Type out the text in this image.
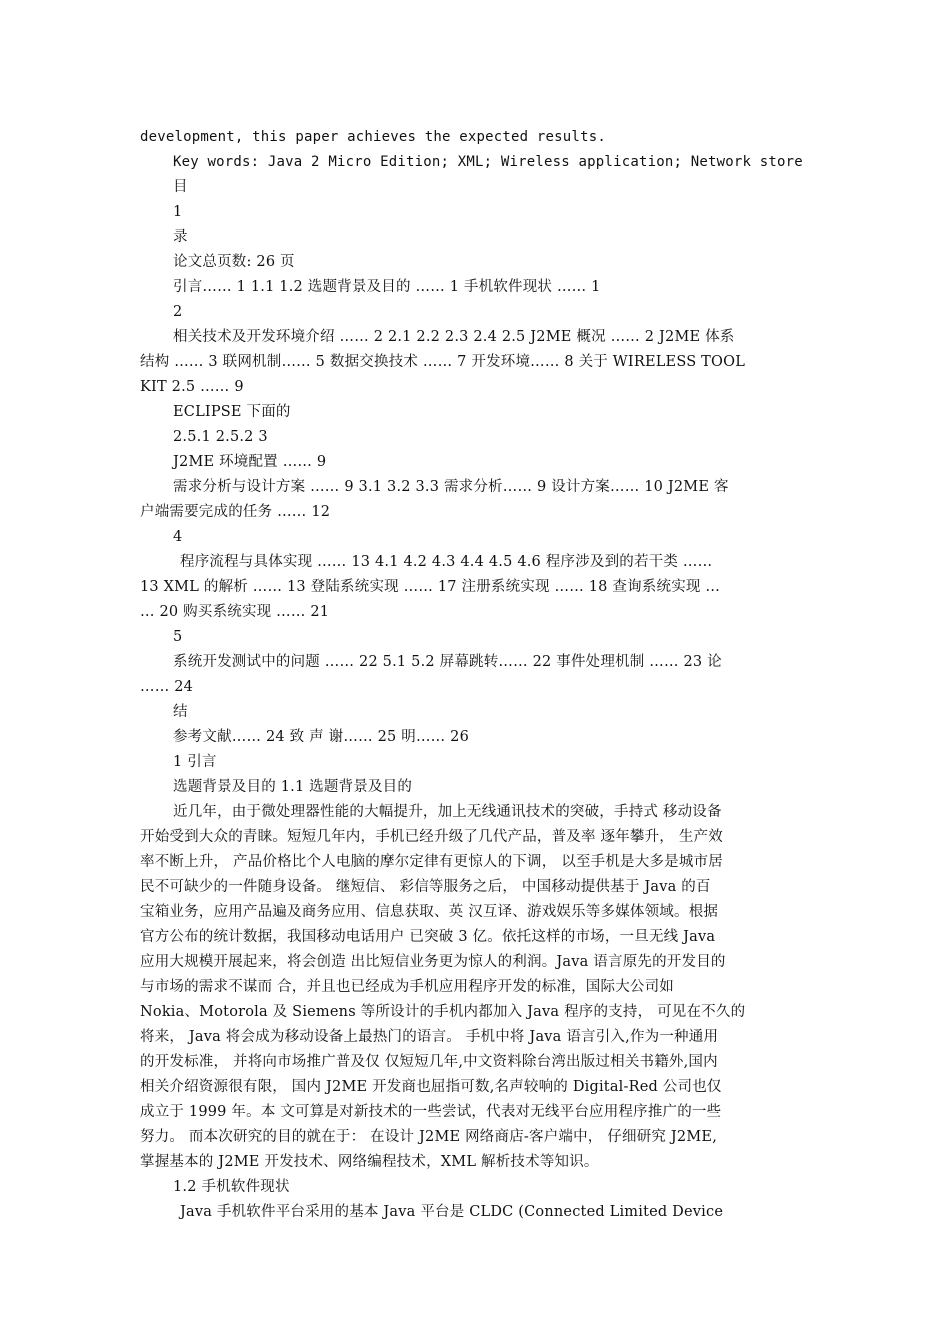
development, this paper achieves the expected results.
Key words: Java 2 Micro Edition; XML; Wireless application; Network store
目
1
录
论文总页数: 26 页
引言…… 1 1.1 1.2 选题背景及目的 …… 1 手机软件现状 …… 1
2
相关技术及开发环境介绍 …… 2 2.1 2.2 2.3 2.4 2.5 J2ME 概况 …… 2 J2ME 体系
结构 …… 3 联网机制…… 5 数据交换技术 …… 7 开发环境…… 8 关于 WIRELESS TOOL
KIT 2.5 …… 9
ECLIPSE 下面的
2.5.1 2.5.2 3
J2ME 环境配置 …… 9
需求分析与设计方案 …… 9 3.1 3.2 3.3 需求分析…… 9 设计方案…… 10 J2ME 客
户端需要完成的任务 …… 12
4
程序流程与具体实现 …… 13 4.1 4.2 4.3 4.4 4.5 4.6 程序涉及到的若干类 ……
13 XML 的解析 …… 13 登陆系统实现 …… 17 注册系统实现 …… 18 查询系统实现 …
… 20 购买系统实现 …… 21
5
系统开发测试中的问题 …… 22 5.1 5.2 屏幕跳转…… 22 事件处理机制 …… 23 论
…… 24
结
参考文献…… 24 致 声 谢…… 25 明…… 26
1 引言
选题背景及目的 1.1 选题背景及目的
近几年，由于微处理器性能的大幅提升，加上无线通讯技术的突破，手持式 移动设备
开始受到大众的青睐。短短几年内，手机已经升级了几代产品，普及率 逐年攀升， 生产效
率不断上升， 产品价格比个人电脑的摩尔定律有更惊人的下调， 以至手机是大多是城市居
民不可缺少的一件随身设备。 继短信、 彩信等服务之后， 中国移动提供基于 Java 的百
宝箱业务，应用产品遍及商务应用、信息获取、英 汉互译、游戏娱乐等多媒体领域。根据
官方公布的统计数据，我国移动电话用户 已突破 3 亿。依托这样的市场，一旦无线 Java
应用大规模开展起来，将会创造 出比短信业务更为惊人的利润。Java 语言原先的开发目的
与市场的需求不谋而 合，并且也已经成为手机应用程序开发的标准，国际大公司如
Nokia、Motorola 及 Siemens 等所设计的手机内都加入 Java 程序的支持， 可见在不久的
将来， Java 将会成为移动设备上最热门的语言。 手机中将 Java 语言引入,作为一种通用
的开发标准， 并将向市场推广普及仅 仅短短几年,中文资料除台湾出版过相关书籍外,国内
相关介绍资源很有限， 国内 J2ME 开发商也屈指可数,名声较响的 Digital-Red 公司也仅
成立于 1999 年。本 文可算是对新技术的一些尝试，代表对无线平台应用程序推广的一些
努力。 而本次研究的目的就在于： 在设计 J2ME 网络商店-客户端中， 仔细研究 J2ME,
掌握基本的 J2ME 开发技术、网络编程技术，XML 解析技术等知识。
1.2 手机软件现状
Java 手机软件平台采用的基本 Java 平台是 CLDC (Connected Limited Device
